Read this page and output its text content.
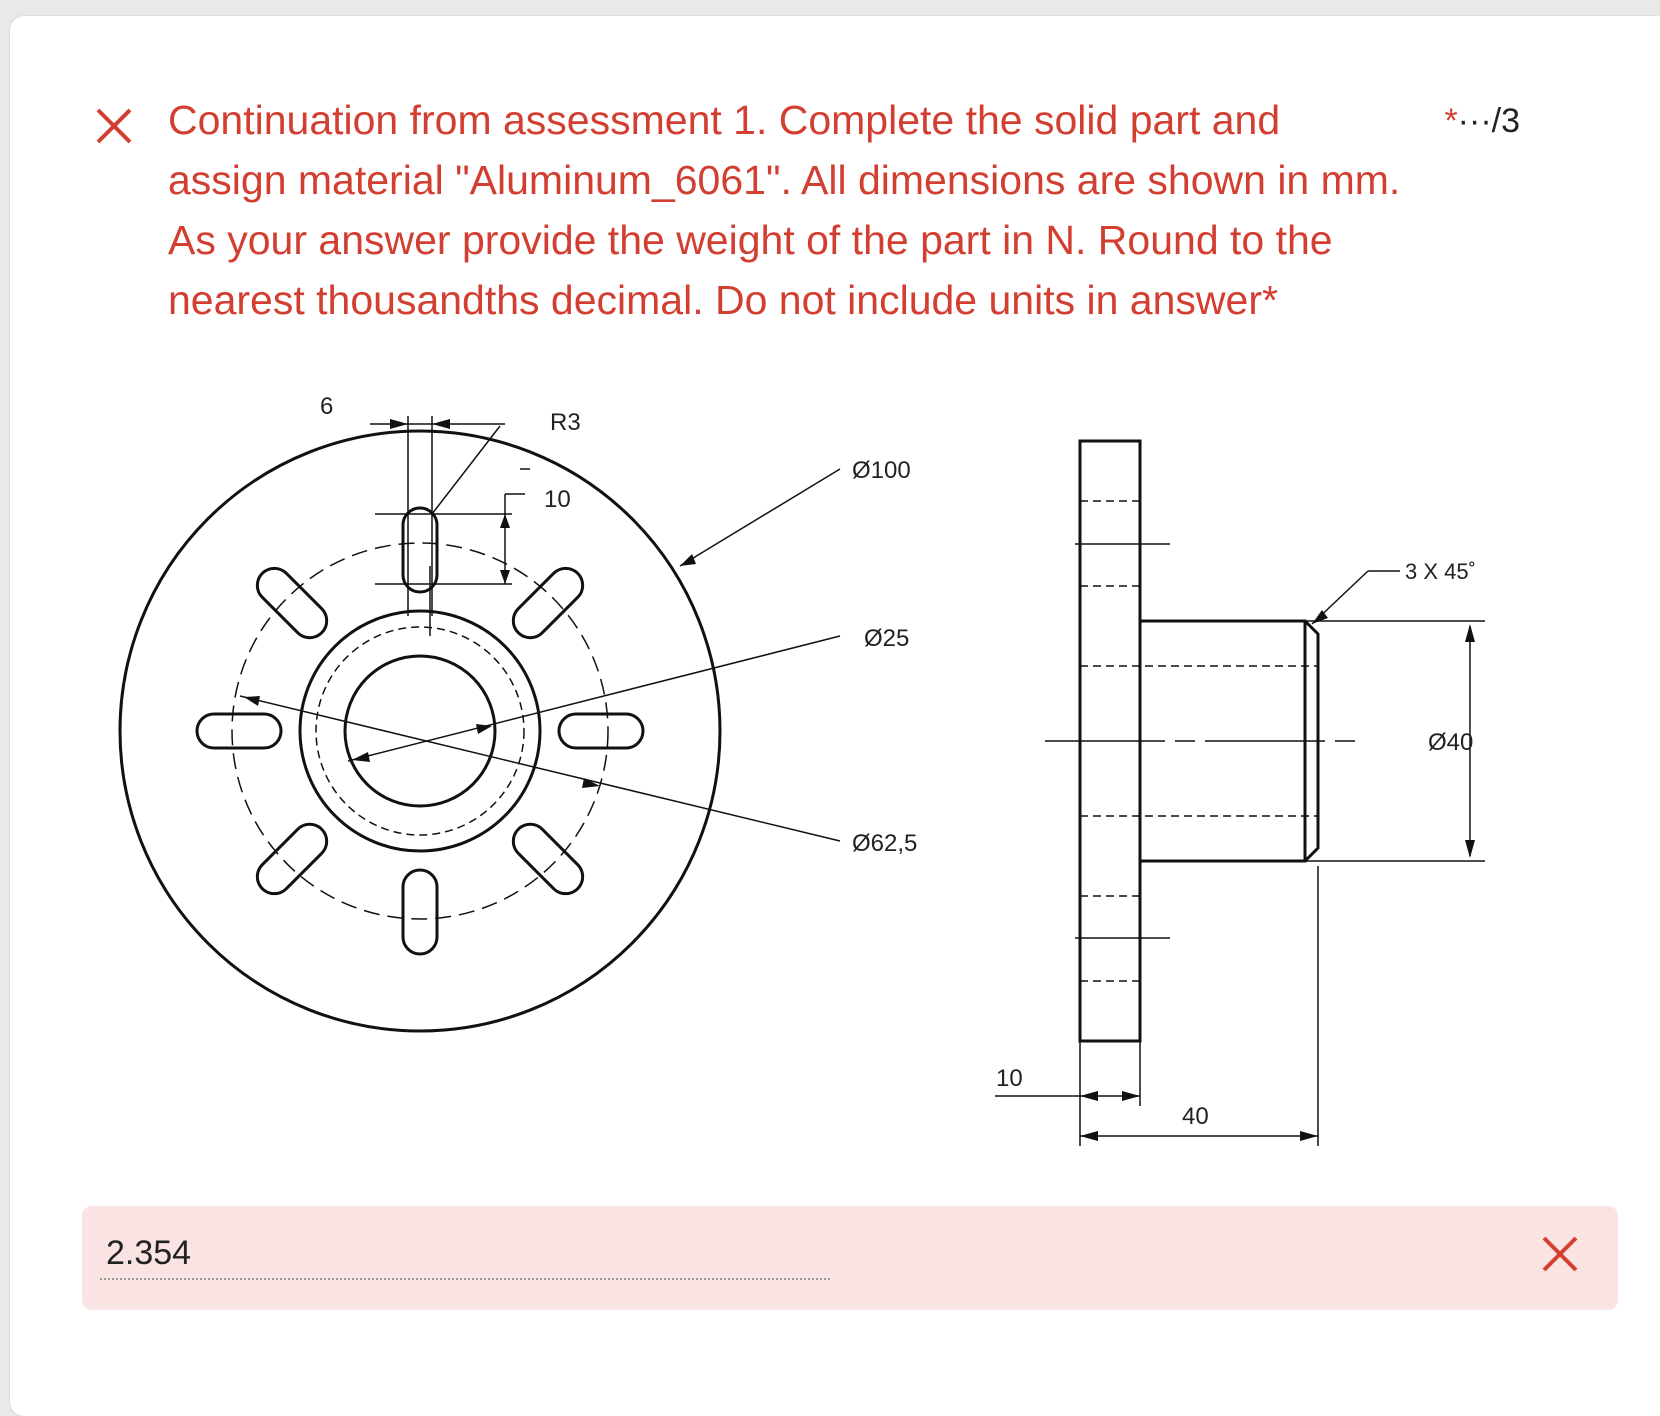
Continuation from assessment 1. Complete the solid part and assign material "Aluminum_6061". All dimensions are shown in mm. As your answer provide the weight of the part in N. Round to the nearest thousandths decimal. Do not include units in answer*
*···/3
6
R3
10
Ø100
Ø25
Ø62,5
3 X 45˚
Ø40
10
40
2.354
